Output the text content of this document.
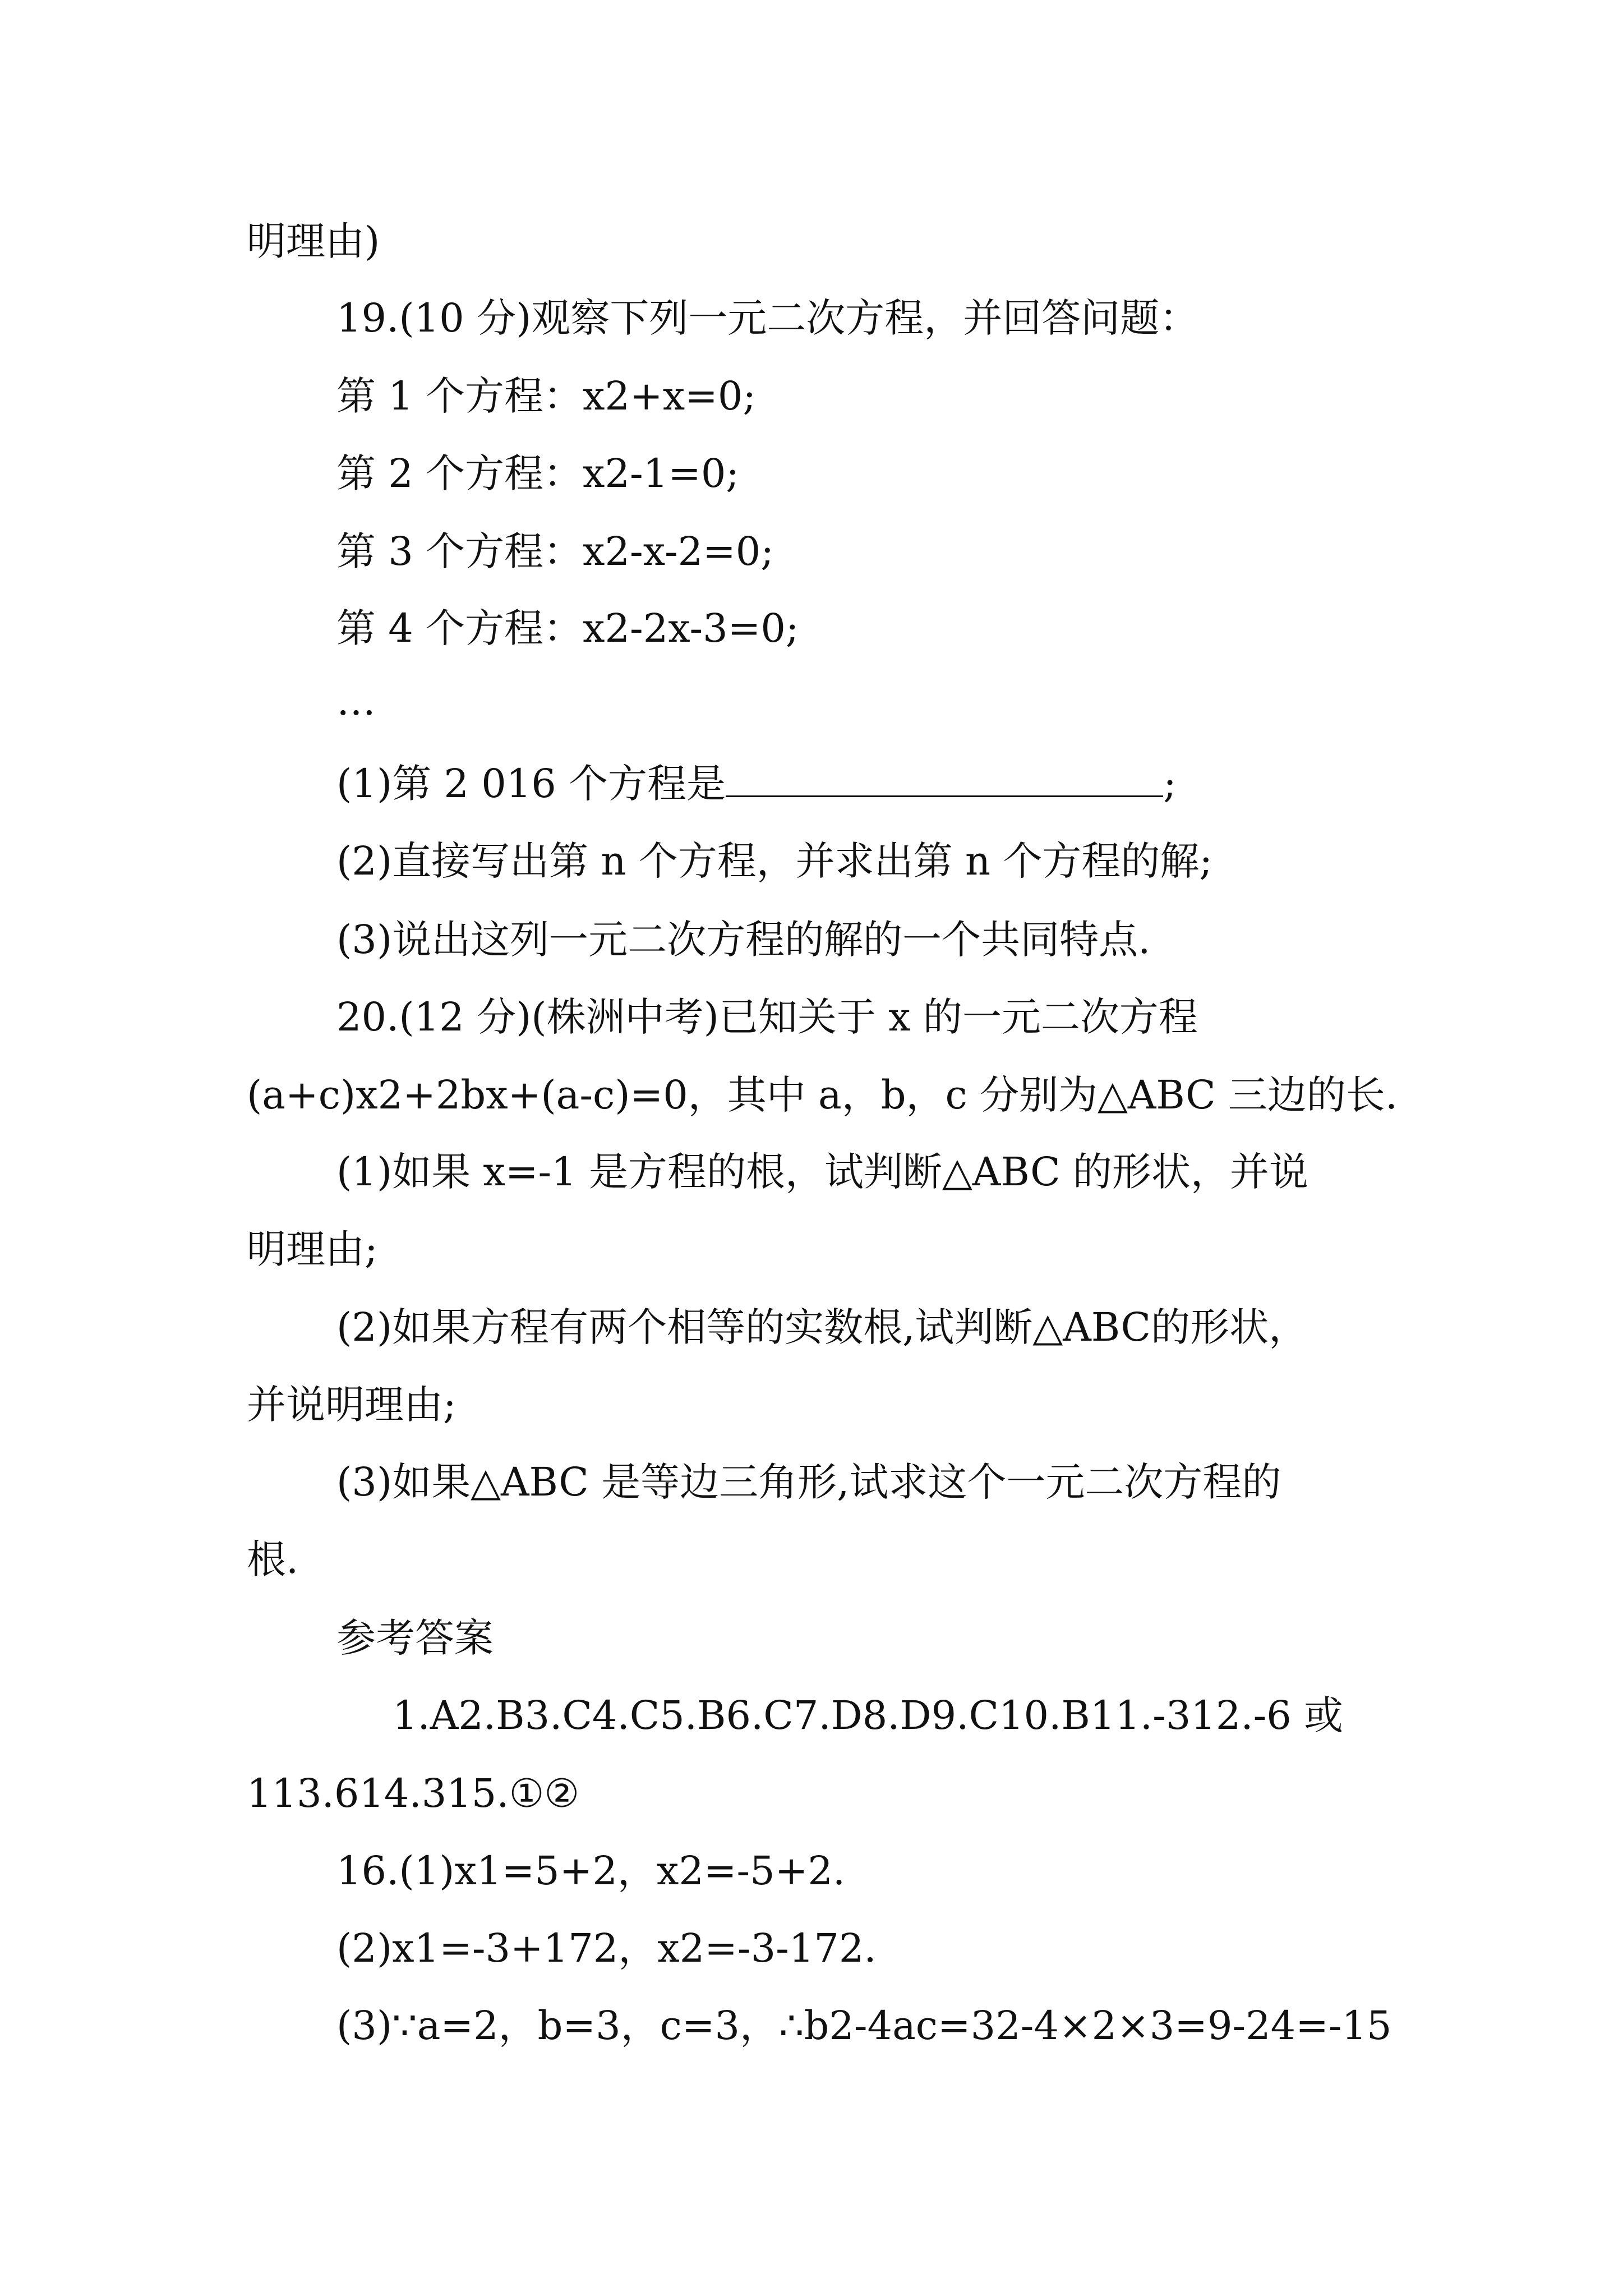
明理由)
19.(10 分)观察下列一元二次方程，并回答问题：
第 1 个方程：x2+x=0;
第 2 个方程：x2-1=0;
第 3 个方程：x2-x-2=0;
第 4 个方程：x2-2x-3=0;
…
(1)第 2 016 个方程是	;
(2)直接写出第 n 个方程，并求出第 n 个方程的解;
(3)说出这列一元二次方程的解的一个共同特点.
20.(12 分)(株洲中考)已知关于 x 的一元二次方程
(a+c)x2+2bx+(a-c)=0，其中 a，b，c 分别为△ABC 三边的长.
(1)如果 x=-1 是方程的根，试判断△ABC 的形状，并说
明理由;
(2)如果方程有两个相等的实数根,试判断△ABC的形状，
并说明理由;
(3)如果△ABC 是等边三角形,试求这个一元二次方程的
根.
参考答案
1.A2.B3.C4.C5.B6.C7.D8.D9.C10.B11.-312.-6 或
113.614.315.①②
16.(1)x1=5+2，x2=-5+2.
(2)x1=-3+172，x2=-3-172.
(3)∵a=2，b=3，c=3，∴b2-4ac=32-4×2×3=9-24=-15
